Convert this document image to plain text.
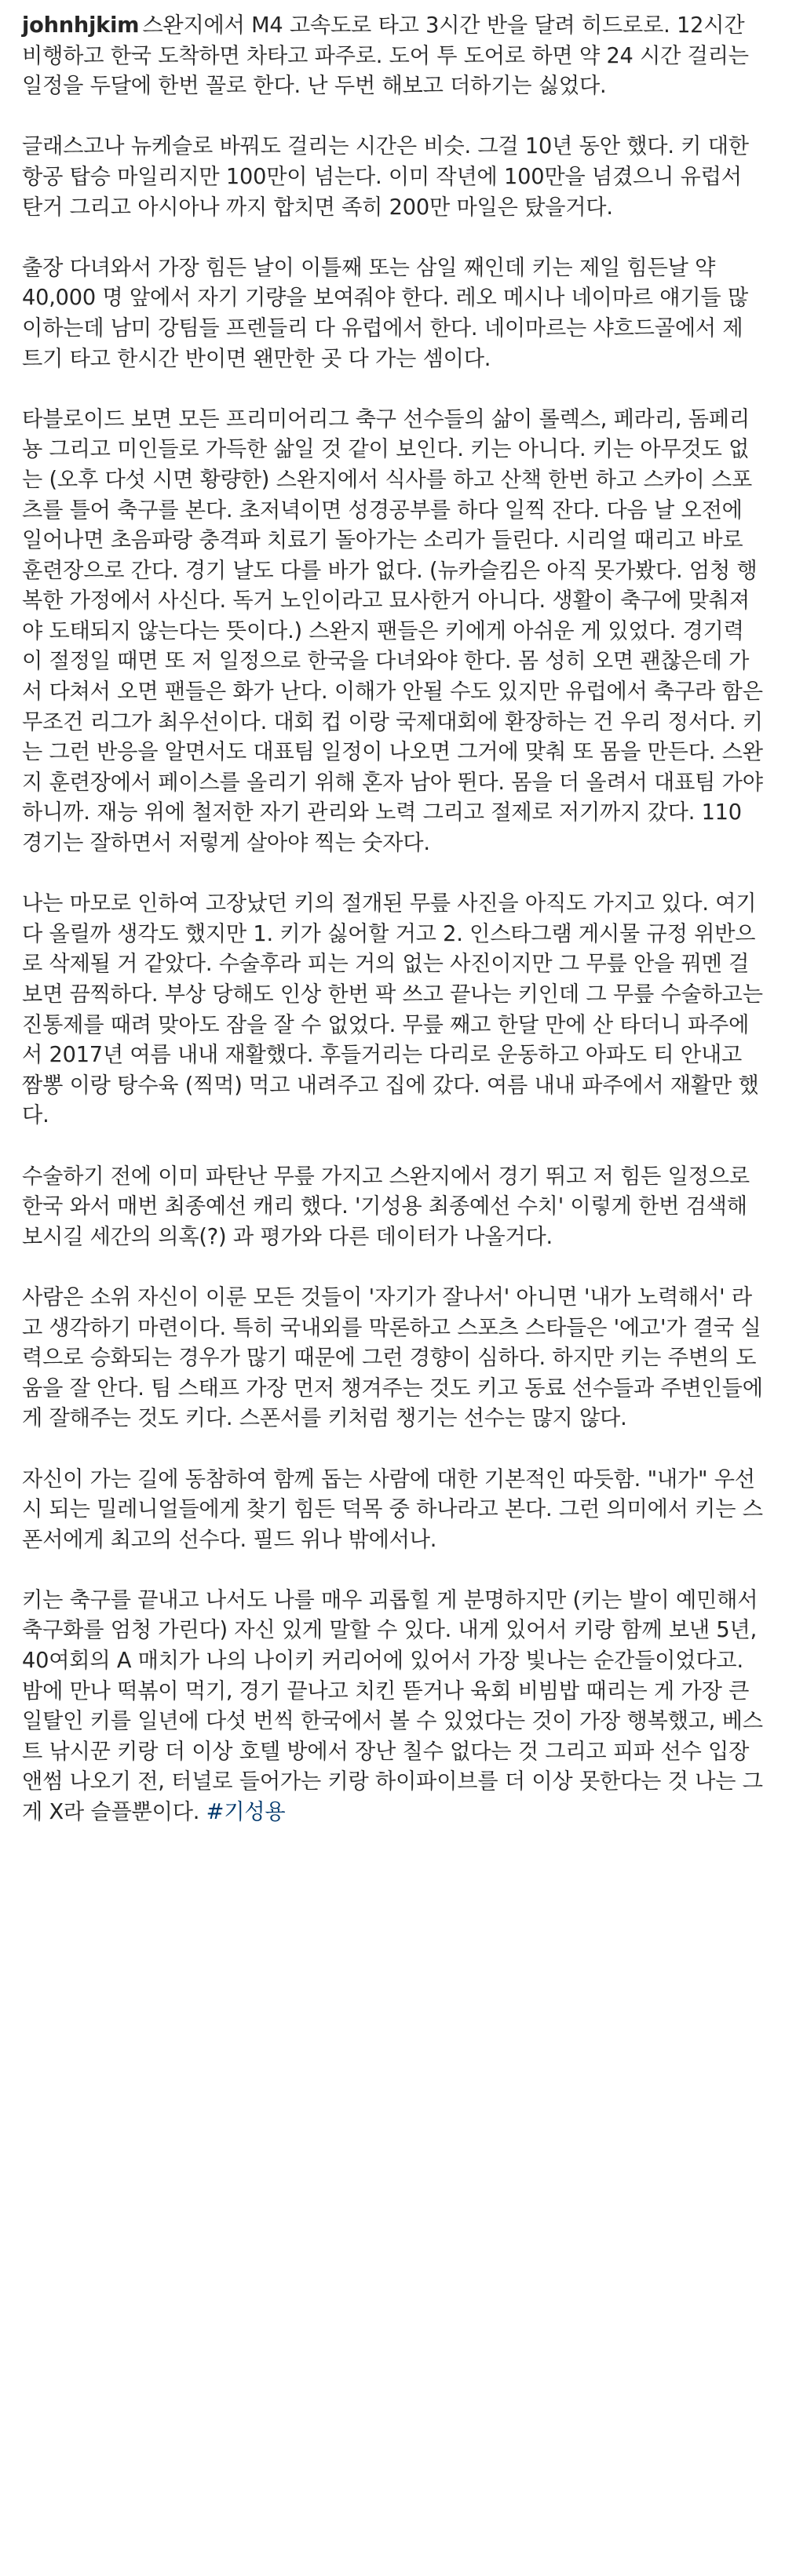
johnhjkim 스완지에서 M4 고속도로 타고 3시간 반을 달려 히드로로. 12시간 비행하고 한국 도착하면 차타고 파주로. 도어 투 도어로 하면 약 24 시간 걸리는 일정을 두달에 한번 꼴로 한다. 난 두번 해보고 더하기는 싫었다.

글래스고나 뉴케슬로 바꿔도 걸리는 시간은 비슷. 그걸 10년 동안 했다. 키 대한항공 탑승 마일리지만 100만이 넘는다. 이미 작년에 100만을 넘겼으니 유럽서 탄거 그리고 아시아나 까지 합치면 족히 200만 마일은 탔을거다.

출장 다녀와서 가장 힘든 날이 이틀째 또는 삼일 째인데 키는 제일 힘든날 약 40,000 명 앞에서 자기 기량을 보여줘야 한다. 레오 메시나 네이마르 얘기들 많이하는데 남미 강팀들 프렌들리 다 유럽에서 한다. 네이마르는 샤흐드골에서 제트기 타고 한시간 반이면 왠만한 곳 다 가는 셈이다.

타블로이드 보면 모든 프리미어리그 축구 선수들의 삶이 롤렉스, 페라리, 돔페리뇽 그리고 미인들로 가득한 삶일 것 같이 보인다. 키는 아니다. 키는 아무것도 없는 (오후 다섯 시면 황량한) 스완지에서 식사를 하고 산책 한번 하고 스카이 스포츠를 틀어 축구를 본다. 초저녁이면 성경공부를 하다 일찍 잔다. 다음 날 오전에 일어나면 초음파랑 충격파 치료기 돌아가는 소리가 들린다. 시리얼 때리고 바로 훈련장으로 간다. 경기 날도 다를 바가 없다. (뉴카슬킴은 아직 못가봤다. 엄청 행복한 가정에서 사신다. 독거 노인이라고 묘사한거 아니다. 생활이 축구에 맞춰져야 도태되지 않는다는 뜻이다.) 스완지 팬들은 키에게 아쉬운 게 있었다. 경기력이 절정일 때면 또 저 일정으로 한국을 다녀와야 한다. 몸 성히 오면 괜찮은데 가서 다쳐서 오면 팬들은 화가 난다. 이해가 안될 수도 있지만 유럽에서 축구라 함은 무조건 리그가 최우선이다. 대회 컵 이랑 국제대회에 환장하는 건 우리 정서다. 키는 그런 반응을 알면서도 대표팀 일정이 나오면 그거에 맞춰 또 몸을 만든다. 스완지 훈련장에서 페이스를 올리기 위해 혼자 남아 뛴다. 몸을 더 올려서 대표팀 가야하니까. 재능 위에 철저한 자기 관리와 노력 그리고 절제로 저기까지 갔다. 110 경기는 잘하면서 저렇게 살아야 찍는 숫자다.

나는 마모로 인하여 고장났던 키의 절개된 무릎 사진을 아직도 가지고 있다. 여기다 올릴까 생각도 했지만 1. 키가 싫어할 거고 2. 인스타그램 게시물 규정 위반으로 삭제될 거 같았다. 수술후라 피는 거의 없는 사진이지만 그 무릎 안을 꿔멘 걸 보면 끔찍하다. 부상 당해도 인상 한번 팍 쓰고 끝나는 키인데 그 무릎 수술하고는 진통제를 때려 맞아도 잠을 잘 수 없었다. 무릎 째고 한달 만에 산 타더니 파주에서 2017년 여름 내내 재활했다. 후들거리는 다리로 운동하고 아파도 티 안내고 짬뽕 이랑 탕수육 (찍먹) 먹고 내려주고 집에 갔다. 여름 내내 파주에서 재활만 했다.

수술하기 전에 이미 파탄난 무릎 가지고 스완지에서 경기 뛰고 저 힘든 일정으로 한국 와서 매번 최종예선 캐리 했다. '기성용 최종예선 수치' 이렇게 한번 검색해보시길 세간의 의혹(?) 과 평가와 다른 데이터가 나올거다.

사람은 소위 자신이 이룬 모든 것들이 '자기가 잘나서' 아니면 '내가 노력해서' 라고 생각하기 마련이다. 특히 국내외를 막론하고 스포츠 스타들은 '에고'가 결국 실력으로 승화되는 경우가 많기 때문에 그런 경향이 심하다. 하지만 키는 주변의 도움을 잘 안다. 팀 스태프 가장 먼저 챙겨주는 것도 키고 동료 선수들과 주변인들에게 잘해주는 것도 키다. 스폰서를 키처럼 챙기는 선수는 많지 않다.

자신이 가는 길에 동참하여 함께 돕는 사람에 대한 기본적인 따듯함. "내가" 우선시 되는 밀레니얼들에게 찾기 힘든 덕목 중 하나라고 본다. 그런 의미에서 키는 스폰서에게 최고의 선수다. 필드 위나 밖에서나.

키는 축구를 끝내고 나서도 나를 매우 괴롭힐 게 분명하지만 (키는 발이 예민해서 축구화를 엄청 가린다) 자신 있게 말할 수 있다. 내게 있어서 키랑 함께 보낸 5년, 40여회의 A 매치가 나의 나이키 커리어에 있어서 가장 빛나는 순간들이었다고. 밤에 만나 떡볶이 먹기, 경기 끝나고 치킨 뜯거나 육회 비빔밥 때리는 게 가장 큰 일탈인 키를 일년에 다섯 번씩 한국에서 볼 수 있었다는 것이 가장 행복했고, 베스트 낚시꾼 키랑 더 이상 호텔 방에서 장난 칠수 없다는 것 그리고 피파 선수 입장 앤썸 나오기 전, 터널로 들어가는 키랑 하이파이브를 더 이상 못한다는 것 나는 그게 X라 슬플뿐이다. #기성용
